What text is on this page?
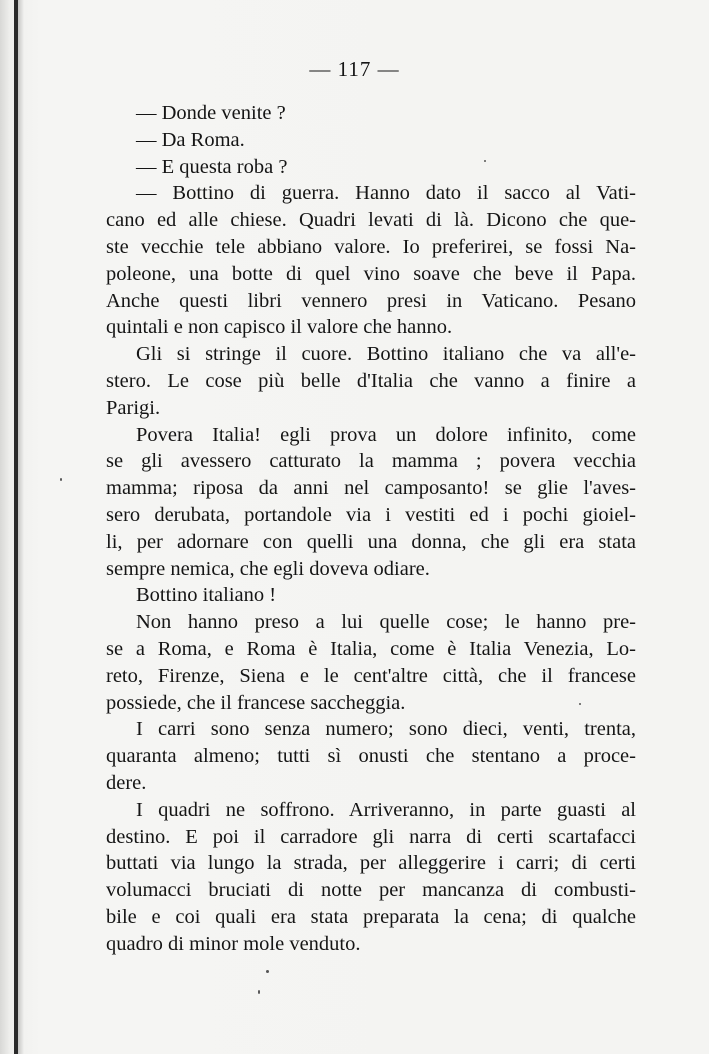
— 117 —
— Donde venite ?
— Da Roma.
— E questa roba ?
— Bottino di guerra. Hanno dato il sacco al Vati-
cano ed alle chiese. Quadri levati di là. Dicono che que-
ste vecchie tele abbiano valore. Io preferirei, se fossi Na-
poleone, una botte di quel vino soave che beve il Papa.
Anche questi libri vennero presi in Vaticano. Pesano
quintali e non capisco il valore che hanno.
Gli si stringe il cuore. Bottino italiano che va all'e-
stero. Le cose più belle d'Italia che vanno a finire a
Parigi.
Povera Italia! egli prova un dolore infinito, come
se gli avessero catturato la mamma ; povera vecchia
mamma; riposa da anni nel camposanto! se glie l'aves-
sero derubata, portandole via i vestiti ed i pochi gioiel-
li, per adornare con quelli una donna, che gli era stata
sempre nemica, che egli doveva odiare.
Bottino italiano !
Non hanno preso a lui quelle cose; le hanno pre-
se a Roma, e Roma è Italia, come è Italia Venezia, Lo-
reto, Firenze, Siena e le cent'altre città, che il francese
possiede, che il francese saccheggia.
I carri sono senza numero; sono dieci, venti, trenta,
quaranta almeno; tutti sì onusti che stentano a proce-
dere.
I quadri ne soffrono. Arriveranno, in parte guasti al
destino. E poi il carradore gli narra di certi scartafacci
buttati via lungo la strada, per alleggerire i carri; di certi
volumacci bruciati di notte per mancanza di combusti-
bile e coi quali era stata preparata la cena; di qualche
quadro di minor mole venduto.
